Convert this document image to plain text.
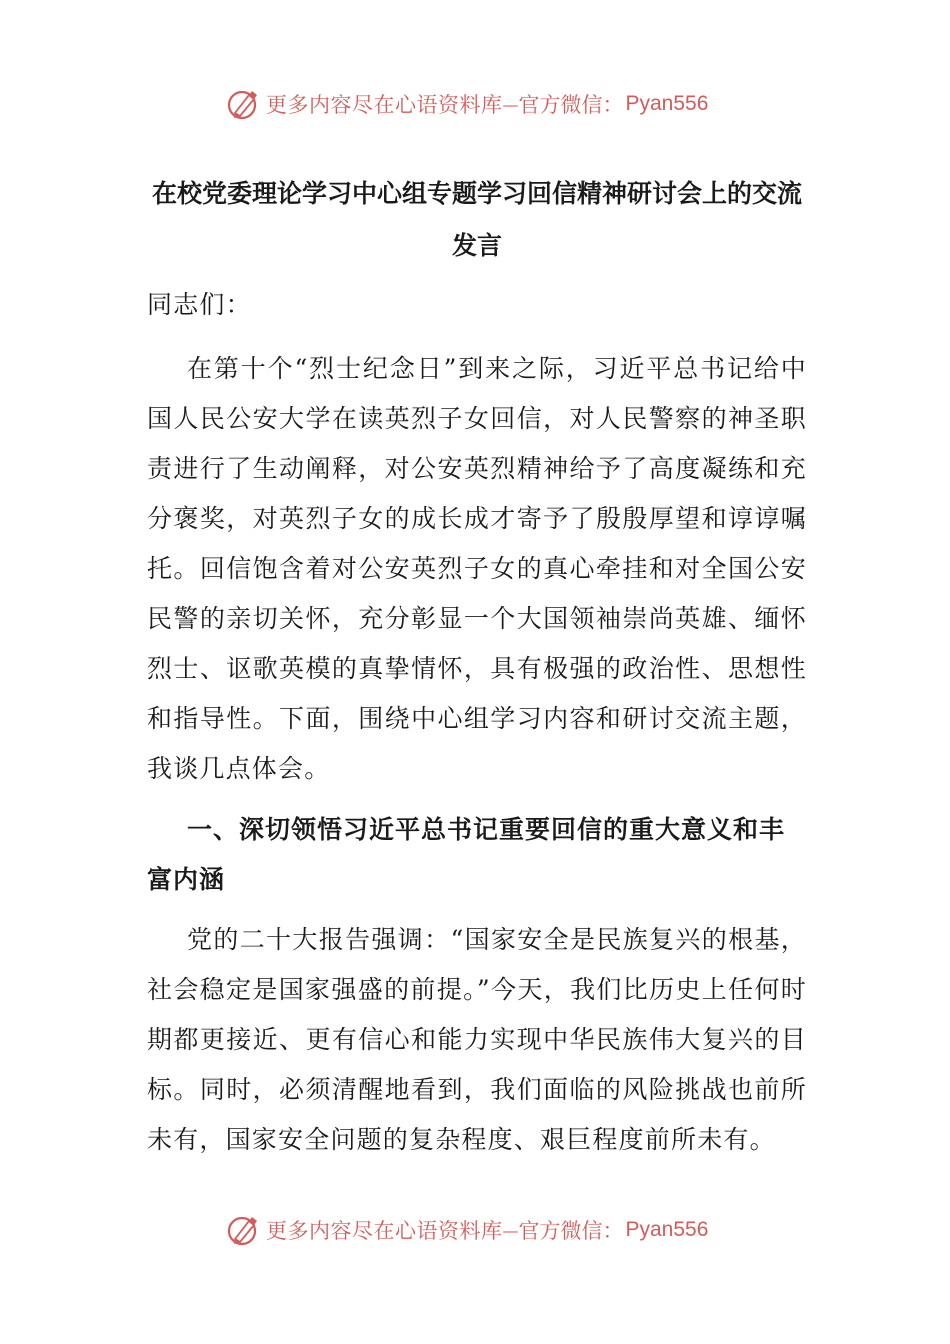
更多内容尽在心语资料库 — 官方微信： Pyan556
在校党委理论学习中心组专题学习回信精神研讨会上的交流发言
同志们：
在第十个“烈士纪念日”到来之际，习近平总书记给中国人民公安大学在读英烈子女回信，对人民警察的神圣职责进行了生动阐释，对公安英烈精神给予了高度凝练和充分褒奖，对英烈子女的成长成才寄予了殷殷厚望和谆谆嘱托。回信饱含着对公安英烈子女的真心牵挂和对全国公安民警的亲切关怀，充分彰显一个大国领袖崇尚英雄、缅怀烈士、讴歌英模的真挚情怀，具有极强的政治性、思想性和指导性。下面，围绕中心组学习内容和研讨交流主题，我谈几点体会。
一、深切领悟习近平总书记重要回信的重大意义和丰富内涵
党的二十大报告强调：“国家安全是民族复兴的根基，社会稳定是国家强盛的前提。”今天，我们比历史上任何时期都更接近、更有信心和能力实现中华民族伟大复兴的目标。同时，必须清醒地看到，我们面临的风险挑战也前所未有，国家安全问题的复杂程度、艰巨程度前所未有。
更多内容尽在心语资料库 — 官方微信： Pyan556
